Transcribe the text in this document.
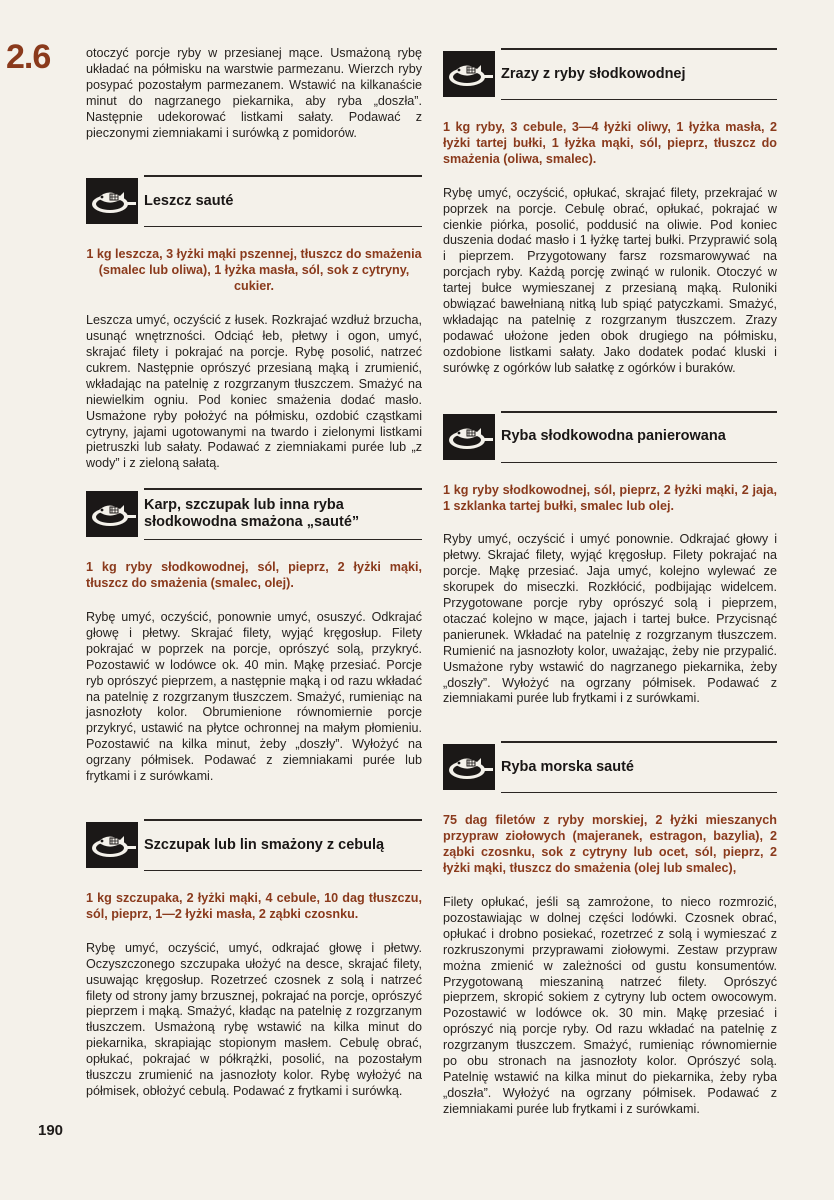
2.6	otoczyć porcje ryby w przesianej mące. Usmażoną rybę układać na półmisku na warstwie parmezanu. Wierzch ryby posypać pozostałym parmezanem. Wstawić na kilkanaście minut do nagrzanego piekarnika, aby ryba „doszła”. Następnie udekorować listkami sałaty. Podawać z pieczonymi ziemniakami i surówką z pomidorów.

Leszcz sauté

1 kg leszcza, 3 łyżki mąki pszennej, tłuszcz do smażenia (smalec lub oliwa), 1 łyżka masła, sól, sok z cytryny, cukier.

Leszcza umyć, oczyścić z łusek. Rozkrajać wzdłuż brzucha, usunąć wnętrzności. Odciąć łeb, płetwy i ogon, umyć, skrajać filety i pokrajać na porcje. Rybę posolić, natrzeć cukrem. Następnie oprószyć przesianą mąką i zrumienić, wkładając na patelnię z rozgrzanym tłuszczem. Smażyć na niewielkim ogniu. Pod koniec smażenia dodać masło. Usmażone ryby położyć na półmisku, ozdobić cząstkami cytryny, jajami ugotowanymi na twardo i zielonymi listkami pietruszki lub sałaty. Podawać z ziemniakami purée lub „z wody” i z zieloną sałatą.

Karp, szczupak lub inna ryba słodkowodna smażona „sauté”

1 kg ryby słodkowodnej, sól, pieprz, 2 łyżki mąki, tłuszcz do smażenia (smalec, olej).

Rybę umyć, oczyścić, ponownie umyć, osuszyć. Odkrajać głowę i płetwy. Skrajać filety, wyjąć kręgosłup. Filety pokrajać w poprzek na porcje, oprószyć solą, przykryć. Pozostawić w lodówce ok. 40 min. Mąkę przesiać. Porcje ryb oprószyć pieprzem, a następnie mąką i od razu wkładać na patelnię z rozgrzanym tłuszczem. Smażyć, rumieniąc na jasnozłoty kolor. Obrumienione równomiernie porcje przykryć, ustawić na płytce ochronnej na małym płomieniu. Pozostawić na kilka minut, żeby „doszły”. Wyłożyć na ogrzany półmisek. Podawać z ziemniakami purée lub frytkami i z surówkami.

Szczupak lub lin smażony z cebulą

1 kg szczupaka, 2 łyżki mąki, 4 cebule, 10 dag tłuszczu, sól, pieprz, 1—2 łyżki masła, 2 ząbki czosnku.

Rybę umyć, oczyścić, umyć, odkrajać głowę i płetwy. Oczyszczonego szczupaka ułożyć na desce, skrajać filety, usuwając kręgosłup. Rozetrzeć czosnek z solą i natrzeć filety od strony jamy brzusznej, pokrajać na porcje, oprószyć pieprzem i mąką. Smażyć, kładąc na patelnię z rozgrzanym tłuszczem. Usmażoną rybę wstawić na kilka minut do piekarnika, skrapiając stopionym masłem. Cebulę obrać, opłukać, pokrajać w półkrążki, posolić, na pozostałym tłuszczu zrumienić na jasnozłoty kolor. Rybę wyłożyć na półmisek, obłożyć cebulą. Podawać z frytkami i surówką.

Zrazy z ryby słodkowodnej

1 kg ryby, 3 cebule, 3—4 łyżki oliwy, 1 łyżka masła, 2 łyżki tartej bułki, 1 łyżka mąki, sól, pieprz, tłuszcz do smażenia (oliwa, smalec).

Rybę umyć, oczyścić, opłukać, skrajać filety, przekrajać w poprzek na porcje. Cebulę obrać, opłukać, pokrajać w cienkie piórka, posolić, poddusić na oliwie. Pod koniec duszenia dodać masło i 1 łyżkę tartej bułki. Przyprawić solą i pieprzem. Przygotowany farsz rozsmarowywać na porcjach ryby. Każdą porcję zwinąć w rulonik. Otoczyć w tartej bułce wymieszanej z przesianą mąką. Ruloniki obwiązać bawełnianą nitką lub spiąć patyczkami. Smażyć, wkładając na patelnię z rozgrzanym tłuszczem. Zrazy podawać ułożone jeden obok drugiego na półmisku, ozdobione listkami sałaty. Jako dodatek podać kluski i surówkę z ogórków lub sałatkę z ogórków i buraków.

Ryba słodkowodna panierowana

1 kg ryby słodkowodnej, sól, pieprz, 2 łyżki mąki, 2 jaja, 1 szklanka tartej bułki, smalec lub olej.

Ryby umyć, oczyścić i umyć ponownie. Odkrajać głowy i płetwy. Skrajać filety, wyjąć kręgosłup. Filety pokrajać na porcje. Mąkę przesiać. Jaja umyć, kolejno wylewać ze skorupek do miseczki. Rozkłócić, podbijając widelcem. Przygotowane porcje ryby oprószyć solą i pieprzem, otaczać kolejno w mące, jajach i tartej bułce. Przycisnąć panierunek. Wkładać na patelnię z rozgrzanym tłuszczem. Rumienić na jasnozłoty kolor, uważając, żeby nie przypalić. Usmażone ryby wstawić do nagrzanego piekarnika, żeby „doszły”. Wyłożyć na ogrzany półmisek. Podawać z ziemniakami purée lub frytkami i z surówkami.

Ryba morska sauté

75 dag filetów z ryby morskiej, 2 łyżki mieszanych przypraw ziołowych (majeranek, estragon, bazylia), 2 ząbki czosnku, sok z cytryny lub ocet, sól, pieprz, 2 łyżki mąki, tłuszcz do smażenia (olej lub smalec),

Filety opłukać, jeśli są zamrożone, to nieco rozmrozić, pozostawiając w dolnej części lodówki. Czosnek obrać, opłukać i drobno posiekać, rozetrzeć z solą i wymieszać z rozkruszonymi przyprawami ziołowymi. Zestaw przypraw można zmienić w zależności od gustu konsumentów. Przygotowaną mieszaniną natrzeć filety. Oprószyć pieprzem, skropić sokiem z cytryny lub octem owocowym. Pozostawić w lodówce ok. 30 min. Mąkę przesiać i oprószyć nią porcje ryby. Od razu wkładać na patelnię z rozgrzanym tłuszczem. Smażyć, rumieniąc równomiernie po obu stronach na jasnozłoty kolor. Oprószyć solą. Patelnię wstawić na kilka minut do piekarnika, żeby ryba „doszła”. Wyłożyć na ogrzany półmisek. Podawać z ziemniakami purée lub frytkami i z surówkami.

190
